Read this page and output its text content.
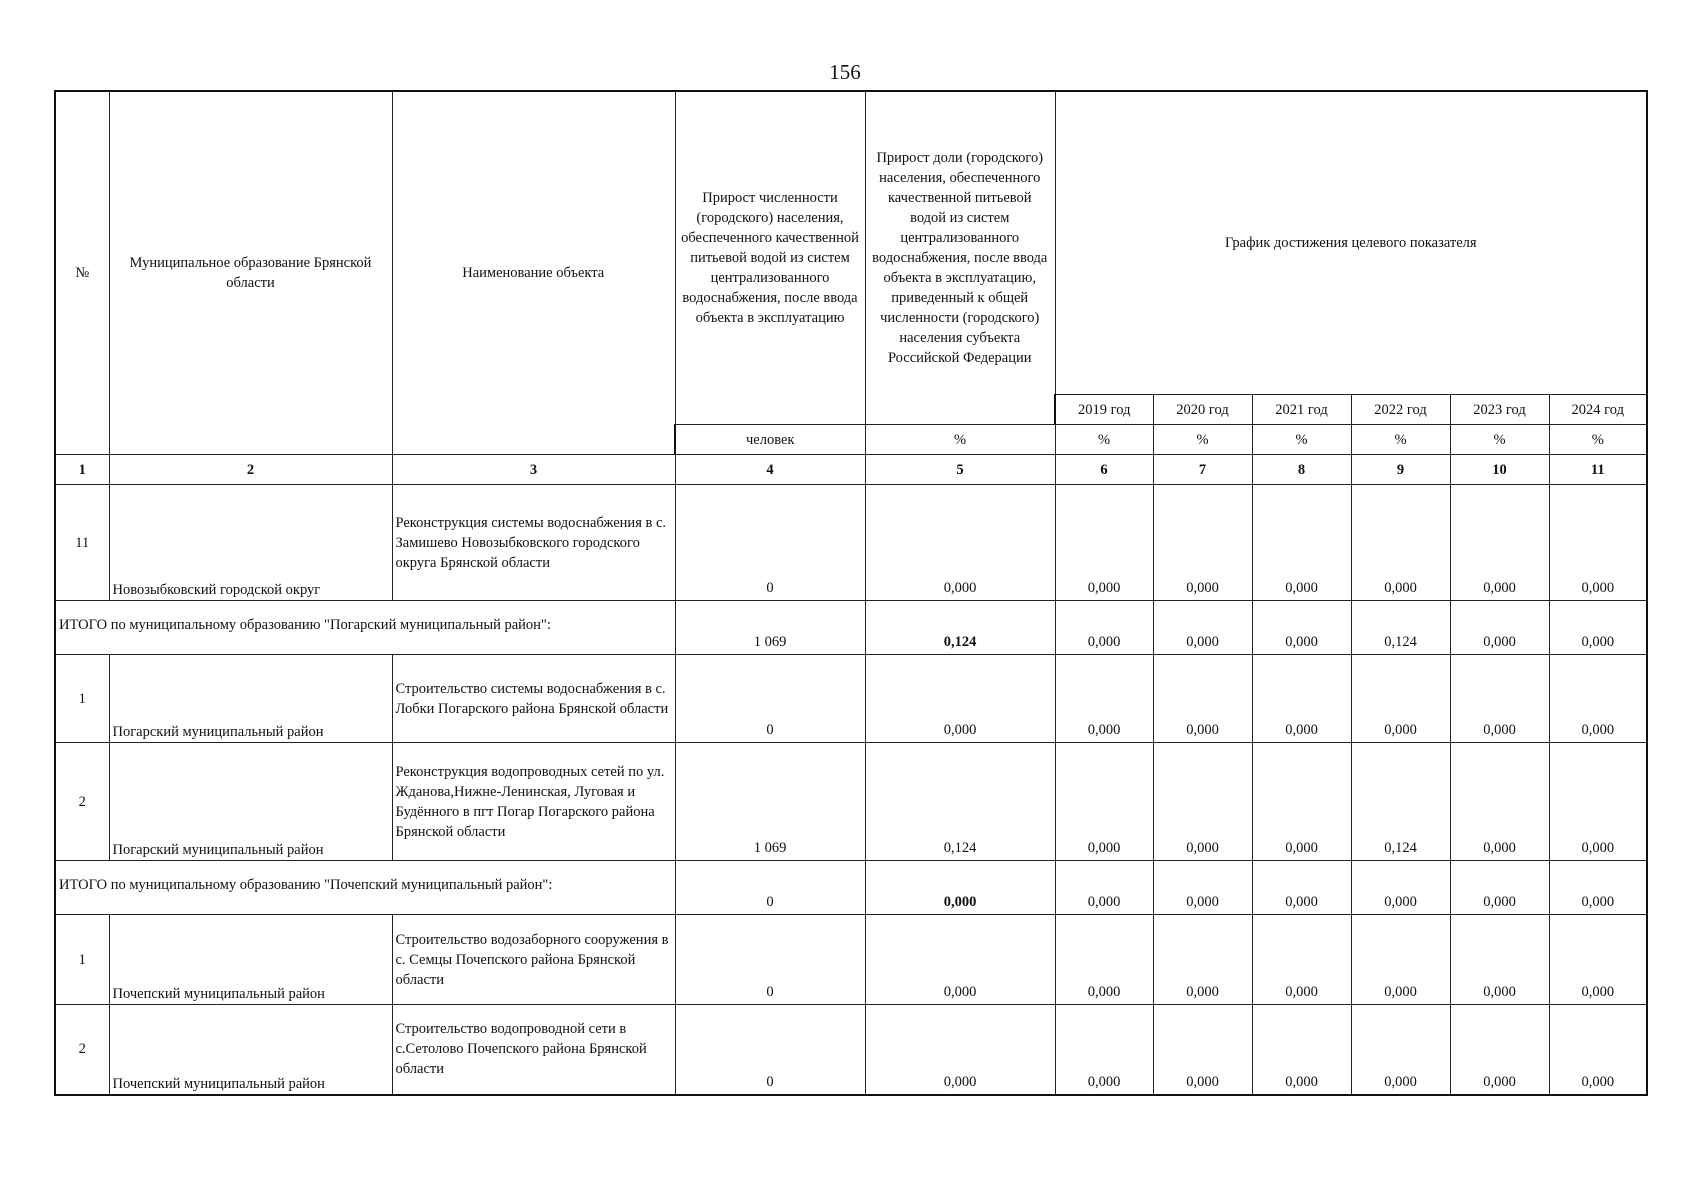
156
№	Муниципальное образование Брянской области	Наименование объекта	Прирост численности (городского) населения, обеспеченного качественной питьевой водой из систем централизованного водоснабжения, после ввода объекта в эксплуатацию	Прирост доли (городского) населения, обеспеченного качественной питьевой водой из систем централизованного водоснабжения, после ввода объекта в эксплуатацию, приведенный к общей численности (городского) населения субъекта Российской Федерации	График достижения целевого показателя					
					2019 год	2020 год	2021 год	2022 год	2023 год	2024 год
			человек	%	%	%	%	%	%	%
1	2	3	4	5	6	7	8	9	10	11
11	Новозыбковский городской округ	Реконструкция системы водоснабжения в с. Замишево Новозыбковского городского округа Брянской области	0	0,000	0,000	0,000	0,000	0,000	0,000	0,000
ИТОГО по муниципальному образованию "Погарский муниципальный район":			1 069	0,124	0,000	0,000	0,000	0,124	0,000	0,000
1	Погарский муниципальный район	Строительство системы водоснабжения в с. Лобки Погарского района Брянской области	0	0,000	0,000	0,000	0,000	0,000	0,000	0,000
2	Погарский муниципальный район	Реконструкция водопроводных сетей по ул. Жданова,Нижне-Ленинская, Луговая и Будённого в пгт Погар Погарского района Брянской области	1 069	0,124	0,000	0,000	0,000	0,124	0,000	0,000
ИТОГО по муниципальному образованию "Почепский муниципальный район":			0	0,000	0,000	0,000	0,000	0,000	0,000	0,000
1	Почепский муниципальный район	Строительство водозаборного сооружения в с. Семцы Почепского района Брянской области	0	0,000	0,000	0,000	0,000	0,000	0,000	0,000
2	Почепский муниципальный район	Строительство водопроводной сети в с.Сетолово Почепского района Брянской области	0	0,000	0,000	0,000	0,000	0,000	0,000	0,000
